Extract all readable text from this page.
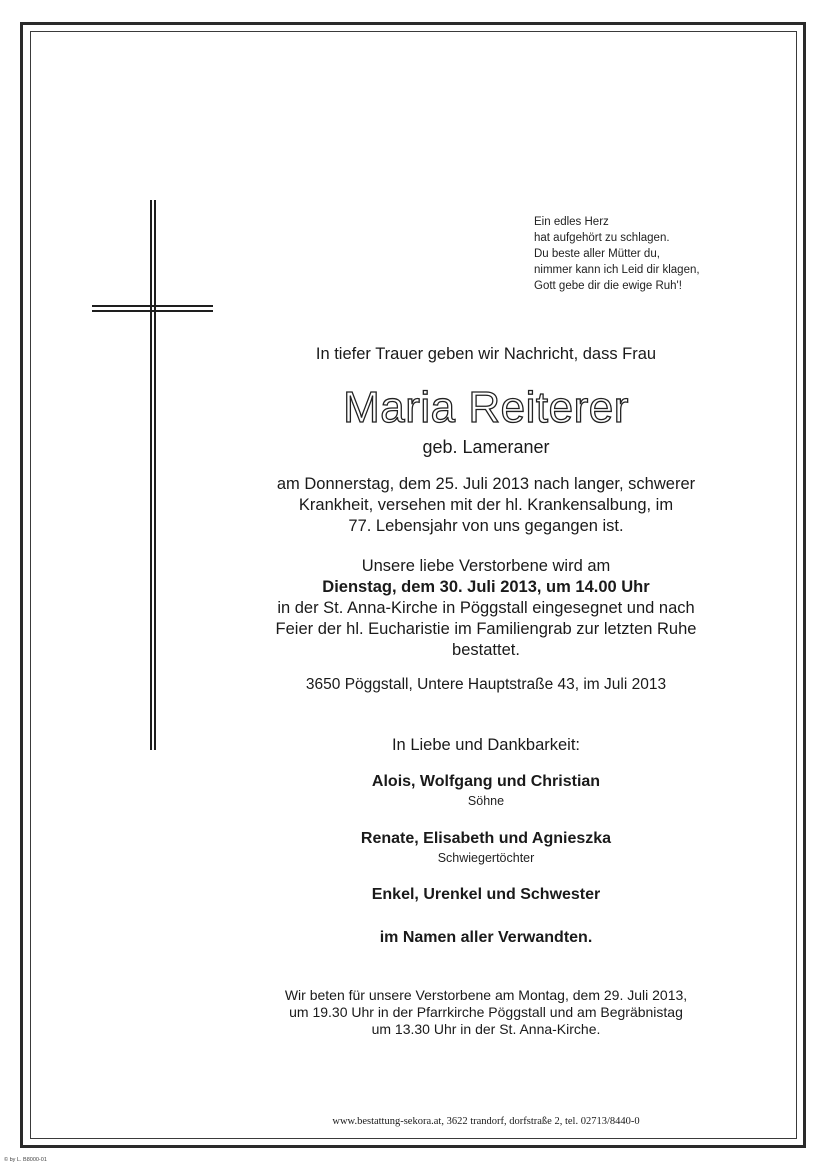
Ein edles Herz
hat aufgehört zu schlagen.
Du beste aller Mütter du,
nimmer kann ich Leid dir klagen,
Gott gebe dir die ewige Ruh'!
In tiefer Trauer geben wir Nachricht, dass Frau
Maria Reiterer
geb. Lameraner
am Donnerstag, dem 25. Juli 2013 nach langer, schwerer
Krankheit, versehen mit der hl. Krankensalbung, im
77. Lebensjahr von uns gegangen ist.
Unsere liebe Verstorbene wird am
Dienstag, dem 30. Juli 2013, um 14.00 Uhr
in der St. Anna-Kirche in Pöggstall eingesegnet und nach
Feier der hl. Eucharistie im Familiengrab zur letzten Ruhe
bestattet.
3650 Pöggstall, Untere Hauptstraße 43, im Juli 2013
In Liebe und Dankbarkeit:
Alois, Wolfgang und Christian
Söhne
Renate, Elisabeth und Agnieszka
Schwiegertöchter
Enkel, Urenkel und Schwester
im Namen aller Verwandten.
Wir beten für unsere Verstorbene am Montag, dem 29. Juli 2013,
um 19.30 Uhr in der Pfarrkirche Pöggstall und am Begräbnistag
um 13.30 Uhr in der St. Anna-Kirche.
www.bestattung-sekora.at, 3622 trandorf, dorfstraße 2, tel. 02713/8440-0
© by L. B8000-01
